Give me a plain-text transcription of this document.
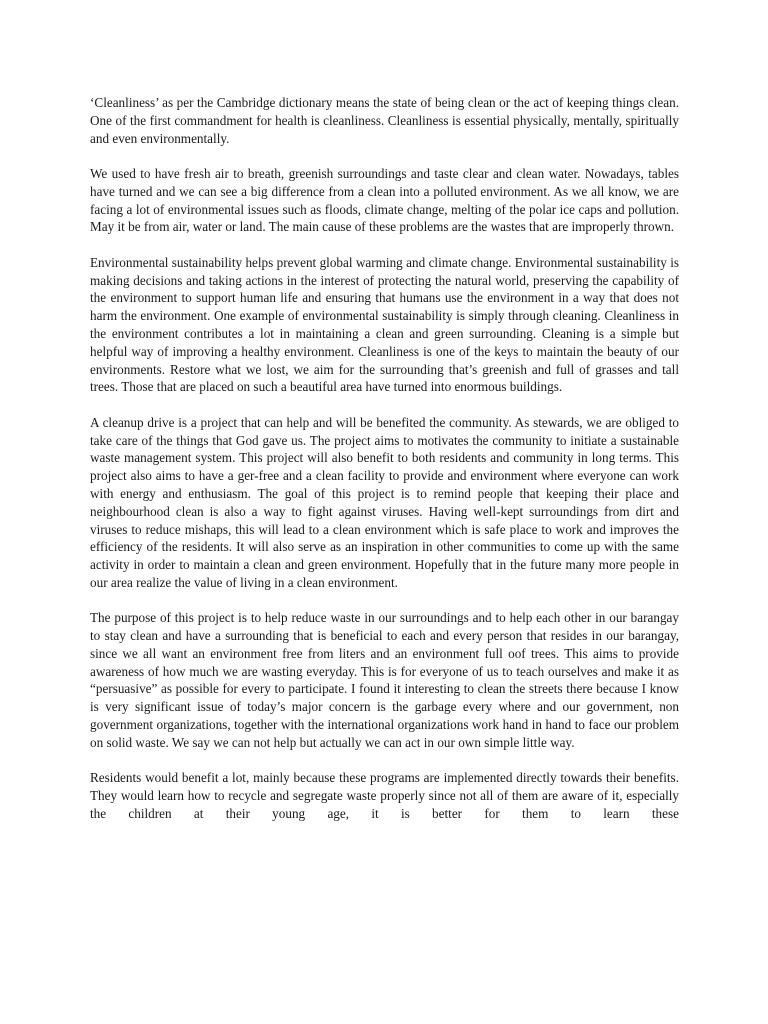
‘Cleanliness’ as per the Cambridge dictionary means the state of being clean or the act of keeping things clean. One of the first commandment for health is cleanliness. Cleanliness is essential physically, mentally, spiritually and even environmentally.

We used to have fresh air to breath, greenish surroundings and taste clear and clean water. Nowadays, tables have turned and we can see a big difference from a clean into a polluted environment. As we all know, we are facing a lot of environmental issues such as floods, climate change, melting of the polar ice caps and pollution. May it be from air, water or land. The main cause of these problems are the wastes that are improperly thrown.

Environmental sustainability helps prevent global warming and climate change. Environmental sustainability is making decisions and taking actions in the interest of protecting the natural world, preserving the capability of the environment to support human life and ensuring that humans use the environment in a way that does not harm the environment. One example of environmental sustainability is simply through cleaning. Cleanliness in the environment contributes a lot in maintaining a clean and green surrounding. Cleaning is a simple but helpful way of improving a healthy environment. Cleanliness is one of the keys to maintain the beauty of our environments. Restore what we lost, we aim for the surrounding that’s greenish and full of grasses and tall trees. Those that are placed on such a beautiful area have turned into enormous buildings.

A cleanup drive is a project that can help and will be benefited the community. As stewards, we are obliged to take care of the things that God gave us. The project aims to motivates the community to initiate a sustainable waste management system. This project will also benefit to both residents and community in long terms. This project also aims to have a ger-free and a clean facility to provide and environment where everyone can work with energy and enthusiasm. The goal of this project is to remind people that keeping their place and neighbourhood clean is also a way to fight against viruses. Having well-kept surroundings from dirt and viruses to reduce mishaps, this will lead to a clean environment which is safe place to work and improves the efficiency of the residents. It will also serve as an inspiration in other communities to come up with the same activity in order to maintain a clean and green environment. Hopefully that in the future many more people in our area realize the value of living in a clean environment.

The purpose of this project is to help reduce waste in our surroundings and to help each other in our barangay to stay clean and have a surrounding that is beneficial to each and every person that resides in our barangay, since we all want an environment free from liters and an environment full oof trees. This aims to provide awareness of how much we are wasting everyday. This is for everyone of us to teach ourselves and make it as “persuasive” as possible for every to participate. I found it interesting to clean the streets there because I know is very significant issue of today’s major concern is the garbage every where and our government, non government organizations, together with the international organizations work hand in hand to face our problem on solid waste. We say we can not help but actually we can act in our own simple little way.

Residents would benefit a lot, mainly because these programs are implemented directly towards their benefits. They would learn how to recycle and segregate waste properly since not all of them are aware of it, especially the children at their young age, it is better for them to learn these
